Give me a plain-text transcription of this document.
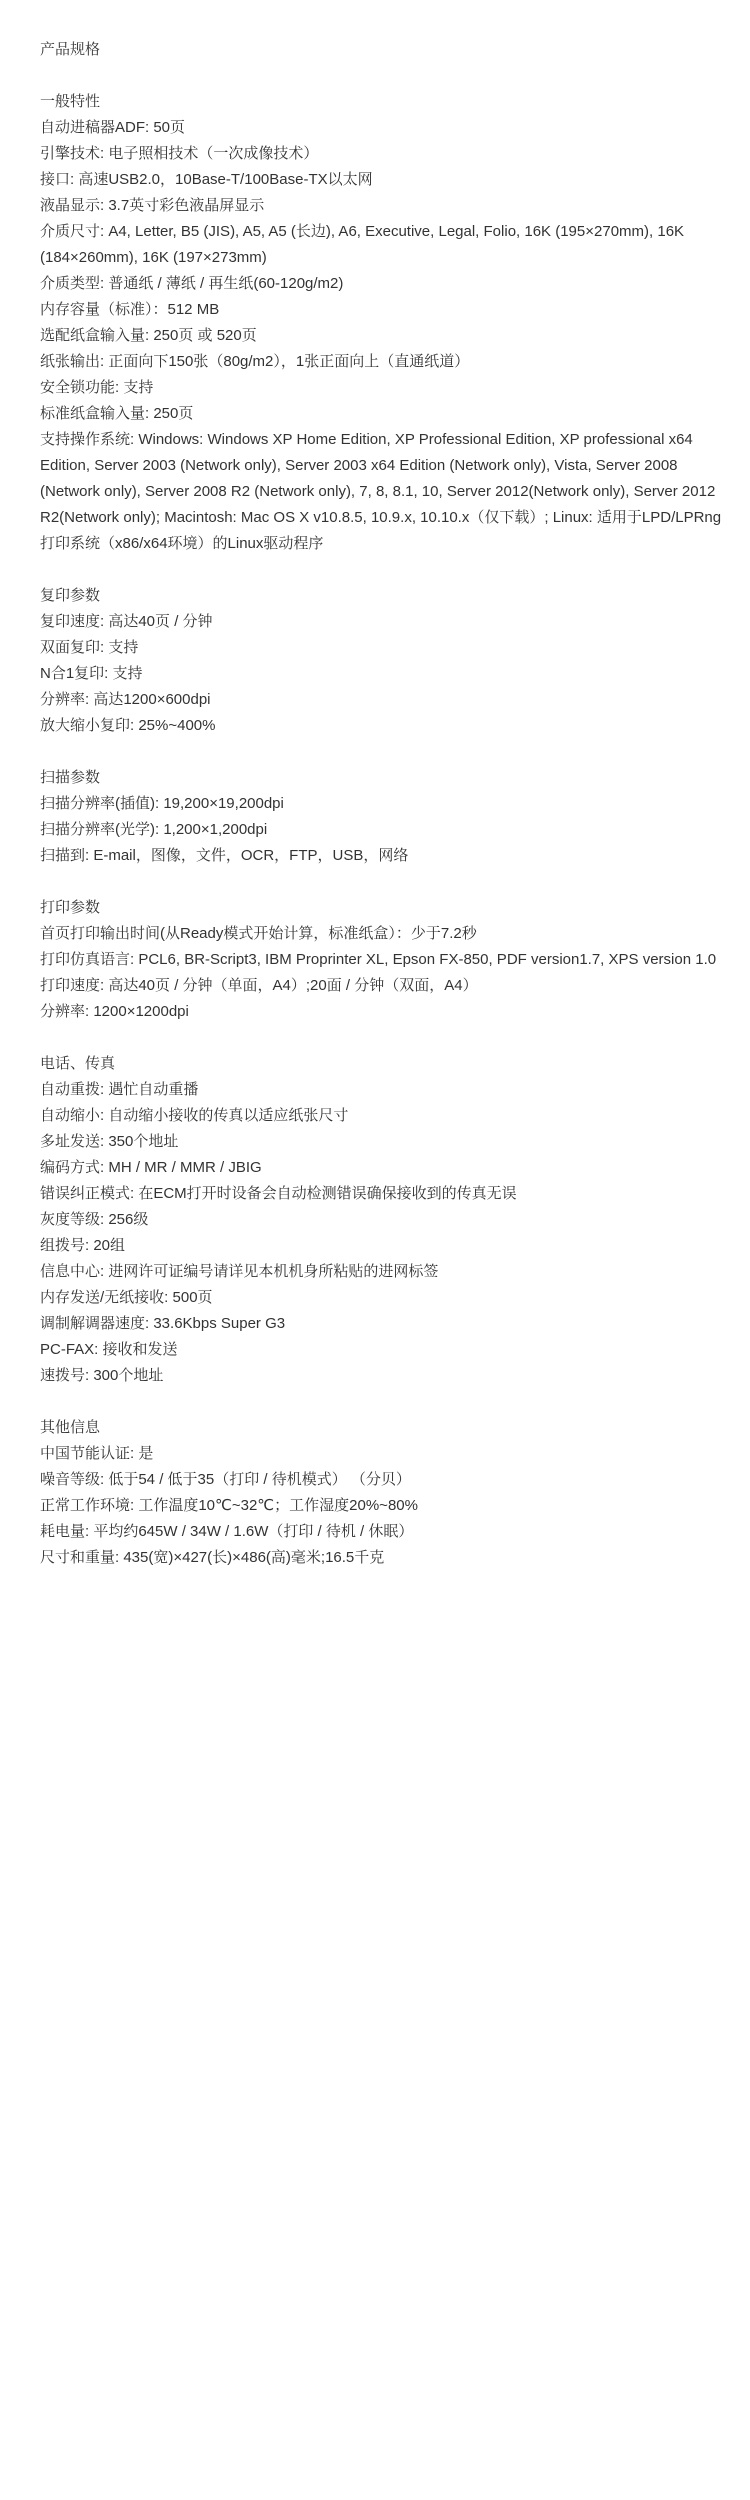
产品规格
一般特性
自动进稿器ADF: 50页
引擎技术: 电子照相技术（一次成像技术）
接口: 高速USB2.0，10Base-T/100Base-TX以太网
液晶显示: 3.7英寸彩色液晶屏显示
介质尺寸: A4, Letter, B5 (JIS), A5, A5 (长边), A6, Executive, Legal, Folio, 16K (195×270mm), 16K (184×260mm), 16K (197×273mm)
介质类型: 普通纸 / 薄纸 / 再生纸(60-120g/m2)
内存容量（标准）：512 MB
选配纸盒输入量: 250页 或 520页
纸张输出: 正面向下150张（80g/m2），1张正面向上（直通纸道）
安全锁功能: 支持
标准纸盒输入量: 250页
支持操作系统: Windows: Windows XP Home Edition, XP Professional Edition, XP professional x64 Edition, Server 2003 (Network only), Server 2003 x64 Edition (Network only), Vista, Server 2008 (Network only), Server 2008 R2 (Network only), 7, 8, 8.1, 10, Server 2012(Network only), Server 2012 R2(Network only); Macintosh: Mac OS X v10.8.5, 10.9.x, 10.10.x（仅下载）; Linux: 适用于LPD/LPRng 打印系统（x86/x64环境）的Linux驱动程序
复印参数
复印速度: 高达40页 / 分钟
双面复印: 支持
N合1复印: 支持
分辨率: 高达1200×600dpi
放大缩小复印: 25%~400%
扫描参数
扫描分辨率(插值): 19,200×19,200dpi
扫描分辨率(光学): 1,200×1,200dpi
扫描到: E-mail，图像，文件，OCR，FTP，USB，网络
打印参数
首页打印输出时间(从Ready模式开始计算，标准纸盒）：少于7.2秒
打印仿真语言: PCL6, BR-Script3, IBM Proprinter XL, Epson FX-850, PDF version1.7, XPS version 1.0
打印速度: 高达40页 / 分钟（单面，A4）;20面 / 分钟（双面，A4）
分辨率: 1200×1200dpi
电话、传真
自动重拨: 遇忙自动重播
自动缩小: 自动缩小接收的传真以适应纸张尺寸
多址发送: 350个地址
编码方式: MH / MR / MMR / JBIG
错误纠正模式: 在ECM打开时设备会自动检测错误确保接收到的传真无误
灰度等级: 256级
组拨号: 20组
信息中心: 进网许可证编号请详见本机机身所粘贴的进网标签
内存发送/无纸接收: 500页
调制解调器速度: 33.6Kbps Super G3
PC-FAX: 接收和发送
速拨号: 300个地址
其他信息
中国节能认证: 是
噪音等级: 低于54 / 低于35（打印 / 待机模式） （分贝）
正常工作环境: 工作温度10℃~32℃；工作湿度20%~80%
耗电量: 平均约645W / 34W / 1.6W（打印 / 待机 / 休眠）
尺寸和重量: 435(宽)×427(长)×486(高)毫米;16.5千克
